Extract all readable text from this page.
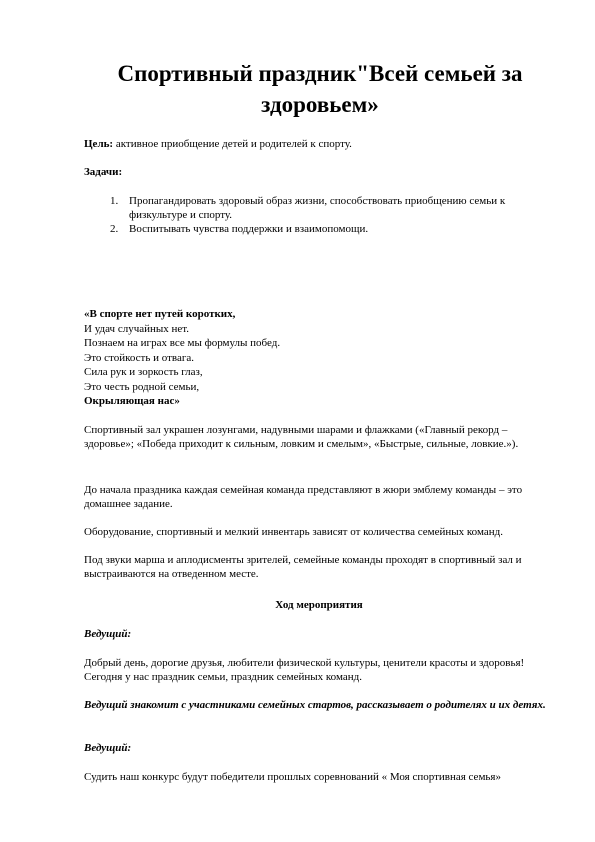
Спортивный праздник"Всей семьей за
здоровьем»

Цель: активное приобщение детей и родителей к спорту.

Задачи:

1. Пропагандировать здоровый образ жизни, способствовать приобщению семьи к физкультуре и спорту.
2. Воспитывать чувства поддержки и взаимопомощи.
«В спорте нет путей коротких,
И удач случайных нет.
Познаем на играх все мы формулы побед.
Это стойкость и отвага.
Сила рук и зоркость глаз,
Это честь родной семьи,
Окрыляющая нас»

Спортивный зал украшен лозунгами, надувными шарами и флажками («Главный рекорд – здоровье»; «Победа приходит к сильным, ловким и смелым», «Быстрые, сильные, ловкие.»).

До начала праздника каждая семейная команда представляют в жюри эмблему команды – это домашнее задание.

Оборудование, спортивный и мелкий инвентарь зависят от количества семейных команд.

Под звуки марша и аплодисменты зрителей, семейные команды проходят в спортивный зал и выстраиваются на отведенном месте.

Ход мероприятия

Ведущий:

Добрый день, дорогие друзья, любители физической культуры, ценители красоты и здоровья! Сегодня у нас праздник семьи, праздник семейных команд.

Ведущий знакомит с участниками семейных стартов, рассказывает о родителях и их детях.

Ведущий:

Судить наш конкурс будут победители прошлых соревнований « Моя спортивная семья»
